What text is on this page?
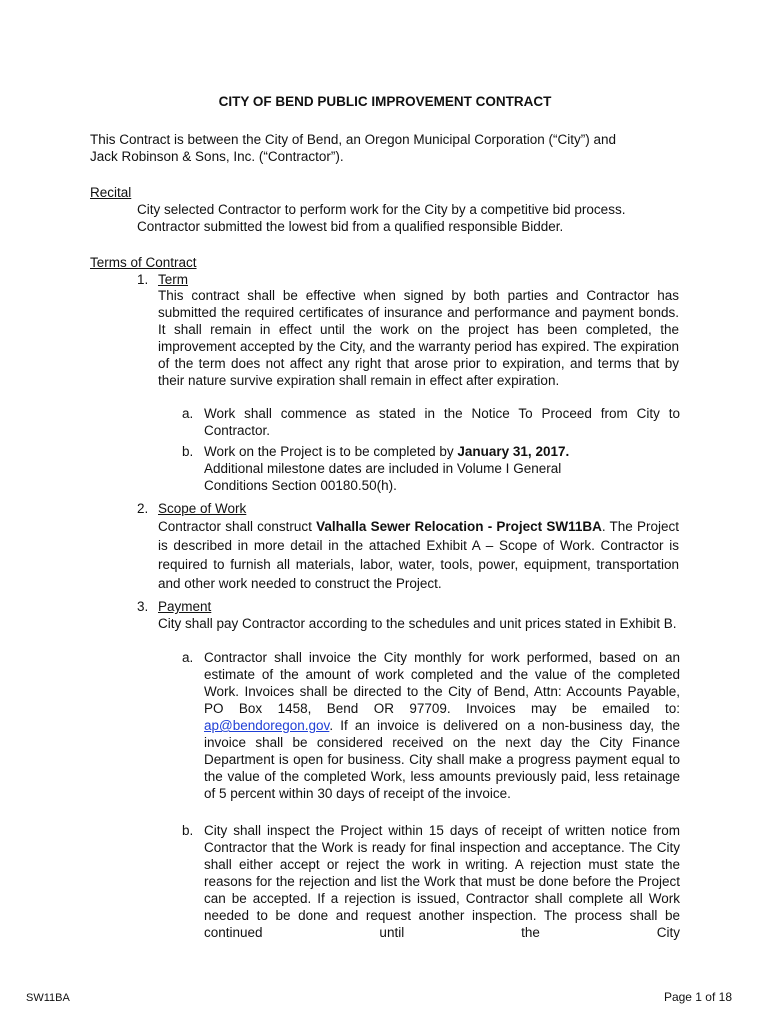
CITY OF BEND PUBLIC IMPROVEMENT CONTRACT
This Contract is between the City of Bend, an Oregon Municipal Corporation (“City”) and
Jack Robinson & Sons, Inc. (“Contractor”).
Recital
City selected Contractor to perform work for the City by a competitive bid process.
Contractor submitted the lowest bid from a qualified responsible Bidder.
Terms of Contract
1. Term
This contract shall be effective when signed by both parties and Contractor has submitted the required certificates of insurance and performance and payment bonds. It shall remain in effect until the work on the project has been completed, the improvement accepted by the City, and the warranty period has expired. The expiration of the term does not affect any right that arose prior to expiration, and terms that by their nature survive expiration shall remain in effect after expiration.
a. Work shall commence as stated in the Notice To Proceed from City to Contractor.
b. Work on the Project is to be completed by January 31, 2017.
Additional milestone dates are included in Volume I General
Conditions Section 00180.50(h).
2. Scope of Work
Contractor shall construct Valhalla Sewer Relocation - Project SW11BA. The Project is described in more detail in the attached Exhibit A – Scope of Work. Contractor is required to furnish all materials, labor, water, tools, power, equipment, transportation and other work needed to construct the Project.
3. Payment
City shall pay Contractor according to the schedules and unit prices stated in Exhibit B.
a. Contractor shall invoice the City monthly for work performed, based on an estimate of the amount of work completed and the value of the completed Work. Invoices shall be directed to the City of Bend, Attn: Accounts Payable, PO Box 1458, Bend OR 97709. Invoices may be emailed to: ap@bendoregon.gov. If an invoice is delivered on a non-business day, the invoice shall be considered received on the next day the City Finance Department is open for business. City shall make a progress payment equal to the value of the completed Work, less amounts previously paid, less retainage of 5 percent within 30 days of receipt of the invoice.
b. City shall inspect the Project within 15 days of receipt of written notice from Contractor that the Work is ready for final inspection and acceptance. The City shall either accept or reject the work in writing. A rejection must state the reasons for the rejection and list the Work that must be done before the Project can be accepted. If a rejection is issued, Contractor shall complete all Work needed to be done and request another inspection. The process shall be continued until the City
SW11BA	Page 1 of 18
